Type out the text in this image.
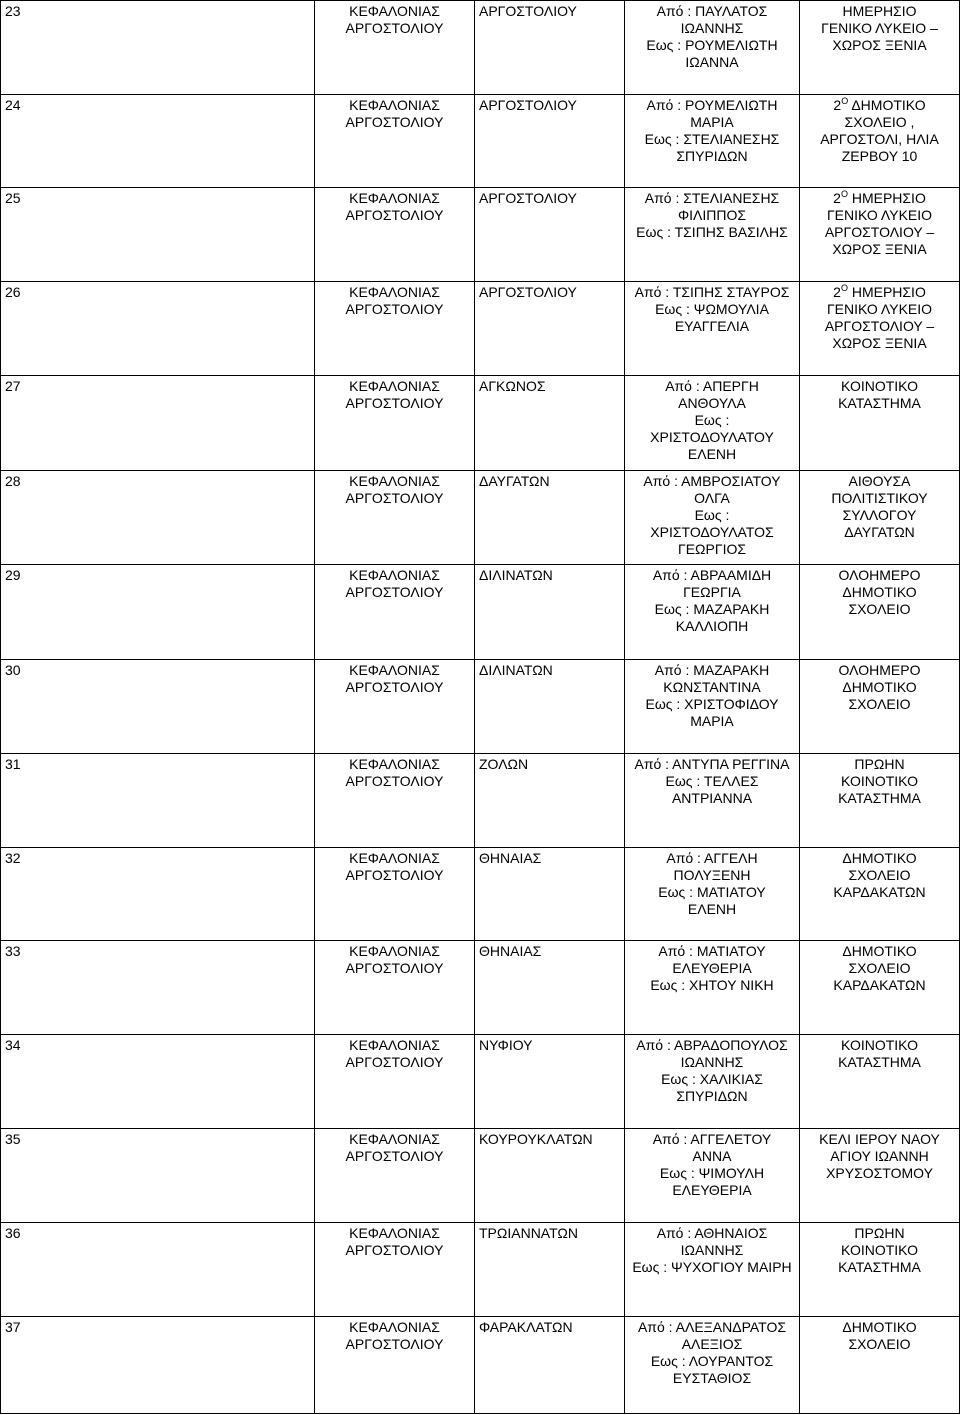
23	ΚΕΦΑΛΟΝΙΑΣ
ΑΡΓΟΣΤΟΛΙΟΥ	ΑΡΓΟΣΤΟΛΙΟΥ	Από : ΠΑΥΛΑΤΟΣ
ΙΩΑΝΝΗΣ
Εως : ΡΟΥΜΕΛΙΩΤΗ
ΙΩΑΝΝΑ	ΗΜΕΡΗΣΙΟ
ΓΕΝΙΚΟ ΛΥΚΕΙΟ –
ΧΩΡΟΣ ΞΕΝΙΑ

24	ΚΕΦΑΛΟΝΙΑΣ
ΑΡΓΟΣΤΟΛΙΟΥ	ΑΡΓΟΣΤΟΛΙΟΥ	Από : ΡΟΥΜΕΛΙΩΤΗ
ΜΑΡΙΑ
Εως : ΣΤΕΛΙΑΝΕΣΗΣ
ΣΠΥΡΙΔΩΝ	$2^O$ ΔΗΜΟΤΙΚΟ
ΣΧΟΛΕΙΟ ,
ΑΡΓΟΣΤΟΛΙ, ΗΛΙΑ
ΖΕΡΒΟΥ 10

25	ΚΕΦΑΛΟΝΙΑΣ
ΑΡΓΟΣΤΟΛΙΟΥ	ΑΡΓΟΣΤΟΛΙΟΥ	Από : ΣΤΕΛΙΑΝΕΣΗΣ
ΦΙΛΙΠΠΟΣ
Εως : ΤΣΙΠΗΣ ΒΑΣΙΛΗΣ	$2^O$ ΗΜΕΡΗΣΙΟ
ΓΕΝΙΚΟ ΛΥΚΕΙΟ
ΑΡΓΟΣΤΟΛΙΟΥ –
ΧΩΡΟΣ ΞΕΝΙΑ

26	ΚΕΦΑΛΟΝΙΑΣ
ΑΡΓΟΣΤΟΛΙΟΥ	ΑΡΓΟΣΤΟΛΙΟΥ	Από : ΤΣΙΠΗΣ ΣΤΑΥΡΟΣ
Εως : ΨΩΜΟΥΛΙΑ
ΕΥΑΓΓΕΛΙΑ	$2^O$ ΗΜΕΡΗΣΙΟ
ΓΕΝΙΚΟ ΛΥΚΕΙΟ
ΑΡΓΟΣΤΟΛΙΟΥ –
ΧΩΡΟΣ ΞΕΝΙΑ

27	ΚΕΦΑΛΟΝΙΑΣ
ΑΡΓΟΣΤΟΛΙΟΥ	ΑΓΚΩΝΟΣ	Από : ΑΠΕΡΓΗ
ΑΝΘΟΥΛΑ
Εως :
ΧΡΙΣΤΟΔΟΥΛΑΤΟΥ
ΕΛΕΝΗ	ΚΟΙΝΟΤΙΚΟ
ΚΑΤΑΣΤΗΜΑ

28	ΚΕΦΑΛΟΝΙΑΣ
ΑΡΓΟΣΤΟΛΙΟΥ	ΔΑΥΓΑΤΩΝ	Από : ΑΜΒΡΟΣΙΑΤΟΥ
ΟΛΓΑ
Εως :
ΧΡΙΣΤΟΔΟΥΛΑΤΟΣ
ΓΕΩΡΓΙΟΣ	ΑΙΘΟΥΣΑ
ΠΟΛΙΤΙΣΤΙΚΟΥ
ΣΥΛΛΟΓΟΥ
ΔΑΥΓΑΤΩΝ

29	ΚΕΦΑΛΟΝΙΑΣ
ΑΡΓΟΣΤΟΛΙΟΥ	ΔΙΛΙΝΑΤΩΝ	Από : ΑΒΡΑΑΜΙΔΗ
ΓΕΩΡΓΙΑ
Εως : ΜΑΖΑΡΑΚΗ
ΚΑΛΛΙΟΠΗ	ΟΛΟΗΜΕΡΟ
ΔΗΜΟΤΙΚΟ
ΣΧΟΛΕΙΟ

30	ΚΕΦΑΛΟΝΙΑΣ
ΑΡΓΟΣΤΟΛΙΟΥ	ΔΙΛΙΝΑΤΩΝ	Από : ΜΑΖΑΡΑΚΗ
ΚΩΝΣΤΑΝΤΙΝΑ
Εως : ΧΡΙΣΤΟΦΙΔΟΥ
ΜΑΡΙΑ	ΟΛΟΗΜΕΡΟ
ΔΗΜΟΤΙΚΟ
ΣΧΟΛΕΙΟ

31	ΚΕΦΑΛΟΝΙΑΣ
ΑΡΓΟΣΤΟΛΙΟΥ	ΖΟΛΩΝ	Από : ΑΝΤΥΠΑ ΡΕΓΓΙΝΑ
Εως : ΤΕΛΛΕΣ
ΑΝΤΡΙΑΝΝΑ	ΠΡΩΗΝ
ΚΟΙΝΟΤΙΚΟ
ΚΑΤΑΣΤΗΜΑ

32	ΚΕΦΑΛΟΝΙΑΣ
ΑΡΓΟΣΤΟΛΙΟΥ	ΘΗΝΑΙΑΣ	Από : ΑΓΓΕΛΗ
ΠΟΛΥΞΕΝΗ
Εως : ΜΑΤΙΑΤΟΥ
ΕΛΕΝΗ	ΔΗΜΟΤΙΚΟ
ΣΧΟΛΕΙΟ
ΚΑΡΔΑΚΑΤΩΝ

33	ΚΕΦΑΛΟΝΙΑΣ
ΑΡΓΟΣΤΟΛΙΟΥ	ΘΗΝΑΙΑΣ	Από : ΜΑΤΙΑΤΟΥ
ΕΛΕΥΘΕΡΙΑ
Εως : ΧΗΤΟΥ ΝΙΚΗ	ΔΗΜΟΤΙΚΟ
ΣΧΟΛΕΙΟ
ΚΑΡΔΑΚΑΤΩΝ

34	ΚΕΦΑΛΟΝΙΑΣ
ΑΡΓΟΣΤΟΛΙΟΥ	ΝΥΦΙΟΥ	Από : ΑΒΡΑΔΟΠΟΥΛΟΣ
ΙΩΑΝΝΗΣ
Εως : ΧΑΛΙΚΙΑΣ
ΣΠΥΡΙΔΩΝ	ΚΟΙΝΟΤΙΚΟ
ΚΑΤΑΣΤΗΜΑ

35	ΚΕΦΑΛΟΝΙΑΣ
ΑΡΓΟΣΤΟΛΙΟΥ	ΚΟΥΡΟΥΚΛΑΤΩΝ	Από : ΑΓΓΕΛΕΤΟΥ
ΑΝΝΑ
Εως : ΨΙΜΟΥΛΗ
ΕΛΕΥΘΕΡΙΑ	ΚΕΛΙ ΙΕΡΟΥ ΝΑΟΥ
ΑΓΙΟΥ ΙΩΑΝΝΗ
ΧΡΥΣΟΣΤΟΜΟΥ

36	ΚΕΦΑΛΟΝΙΑΣ
ΑΡΓΟΣΤΟΛΙΟΥ	ΤΡΩΙΑΝΝΑΤΩΝ	Από : ΑΘΗΝΑΙΟΣ
ΙΩΑΝΝΗΣ
Εως : ΨΥΧΟΓΙΟΥ ΜΑΙΡΗ	ΠΡΩΗΝ
ΚΟΙΝΟΤΙΚΟ
ΚΑΤΑΣΤΗΜΑ

37	ΚΕΦΑΛΟΝΙΑΣ
ΑΡΓΟΣΤΟΛΙΟΥ	ΦΑΡΑΚΛΑΤΩΝ	Από : ΑΛΕΞΑΝΔΡΑΤΟΣ
ΑΛΕΞΙΟΣ
Εως : ΛΟΥΡΑΝΤΟΣ
ΕΥΣΤΑΘΙΟΣ	ΔΗΜΟΤΙΚΟ
ΣΧΟΛΕΙΟ
